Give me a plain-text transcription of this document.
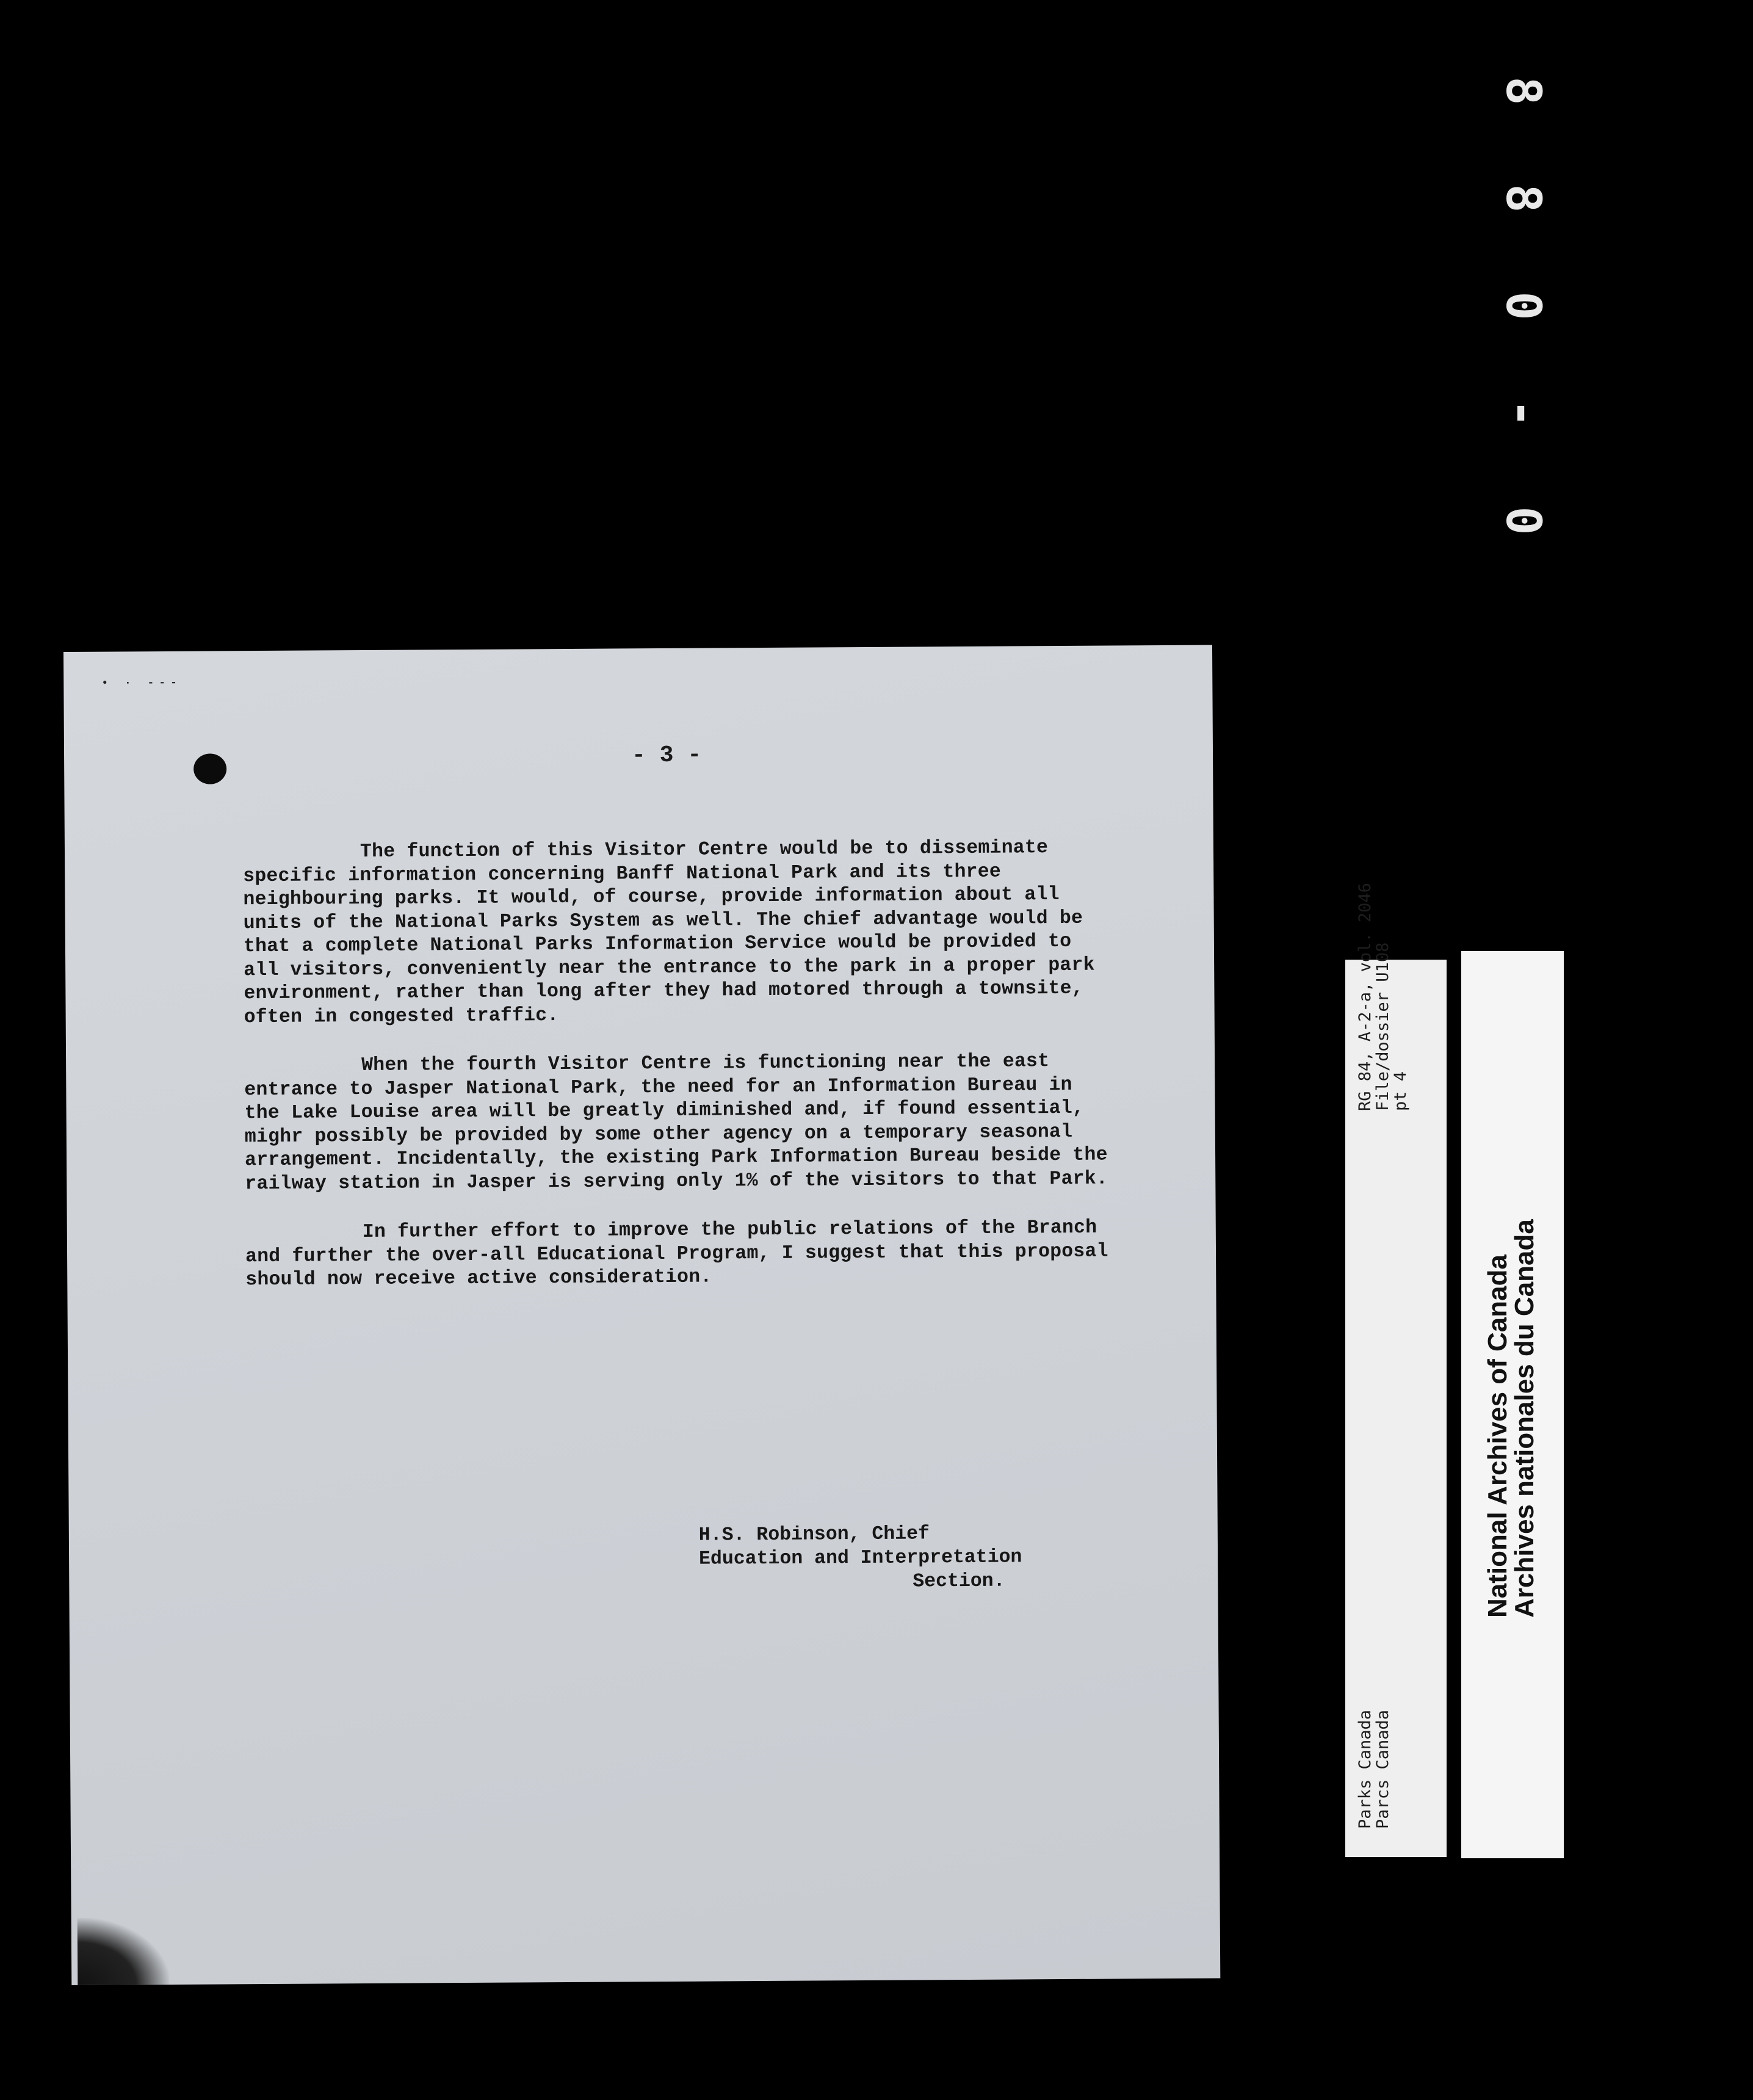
8
8
0
-
0
• · ---
- 3 -

The function of this Visitor Centre would be to disseminate specific information concerning Banff National Park and its three neighbouring parks. It would, of course, provide information about all units of the National Parks System as well. The chief advantage would be that a complete National Parks Information Service would be provided to all visitors, conveniently near the entrance to the park in a proper park environment, rather than long after they had motored through a townsite, often in congested traffic.

When the fourth Visitor Centre is functioning near the east entrance to Jasper National Park, the need for an Information Bureau in the Lake Louise area will be greatly diminished and, if found essential, mighr possibly be provided by some other agency on a temporary seasonal arrangement. Incidentally, the existing Park Information Bureau beside the railway station in Jasper is serving only 1% of the visitors to that Park.

In further effort to improve the public relations of the Branch and further the over-all Educational Program, I suggest that this proposal should now receive active consideration.

H.S. Robinson, Chief
Education and Interpretation
Section.
RG 84, A-2-a, vol. 2046
File/dossier U108
pt 4
Parks Canada
Parcs Canada
National Archives of Canada
Archives nationales du Canada
